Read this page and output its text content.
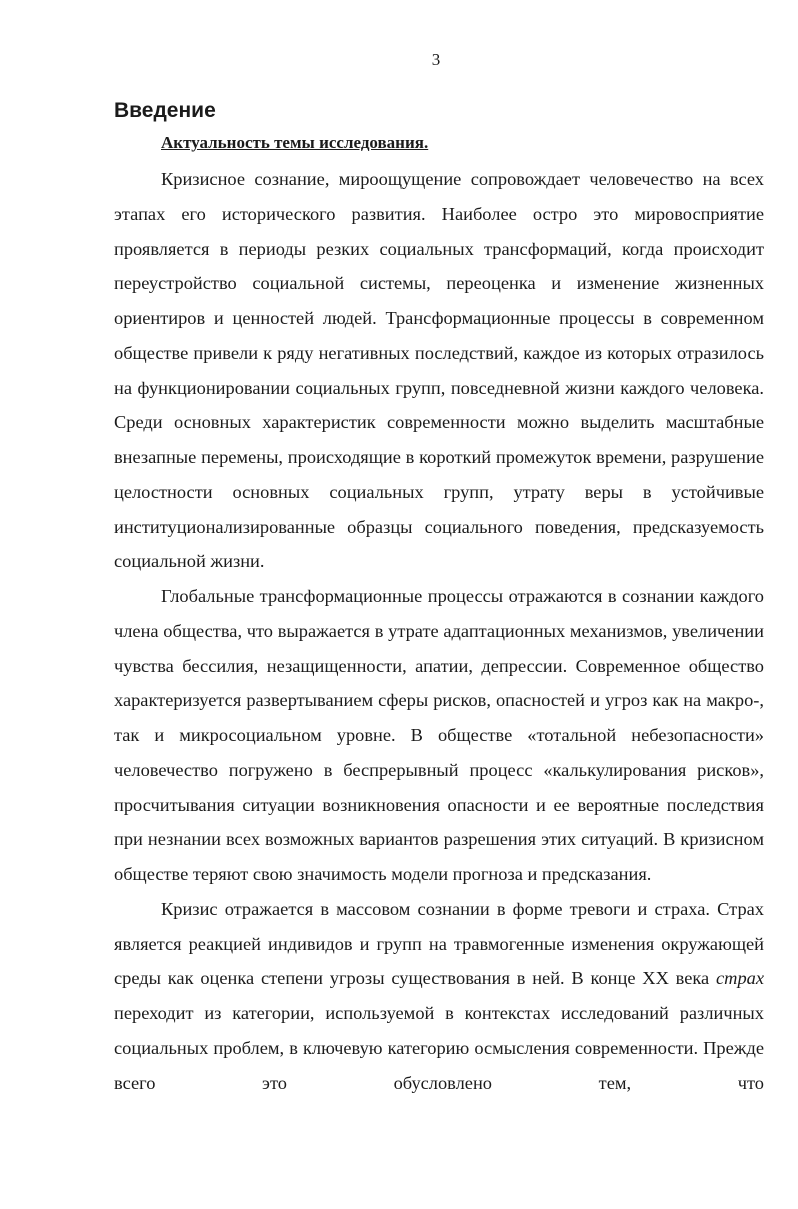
3
Введение
Актуальность темы исследования.

Кризисное сознание, мироощущение сопровождает человечество на всех этапах его исторического развития. Наиболее остро это мировосприятие проявляется в периоды резких социальных трансформаций, когда происходит переустройство социальной системы, переоценка и изменение жизненных ориентиров и ценностей людей. Трансформационные процессы в современном обществе привели к ряду негативных последствий, каждое из которых отразилось на функционировании социальных групп, повседневной жизни каждого человека. Среди основных характеристик современности можно выделить масштабные внезапные перемены, происходящие в короткий промежуток времени, разрушение целостности основных социальных групп, утрату веры в устойчивые институционализированные образцы социального поведения, предсказуемость социальной жизни.

Глобальные трансформационные процессы отражаются в сознании каждого члена общества, что выражается в утрате адаптационных механизмов, увеличении чувства бессилия, незащищенности, апатии, депрессии. Современное общество характеризуется развертыванием сферы рисков, опасностей и угроз как на макро-, так и микросоциальном уровне. В обществе «тотальной небезопасности» человечество погружено в беспрерывный процесс «калькулирования рисков», просчитывания ситуации возникновения опасности и ее вероятные последствия при незнании всех возможных вариантов разрешения этих ситуаций. В кризисном обществе теряют свою значимость модели прогноза и предсказания.

Кризис отражается в массовом сознании в форме тревоги и страха. Страх является реакцией индивидов и групп на травмогенные изменения окружающей среды как оценка степени угрозы существования в ней. В конце XX века страх переходит из категории, используемой в контекстах исследований различных социальных проблем, в ключевую категорию осмысления современности. Прежде всего это обусловлено тем, что
